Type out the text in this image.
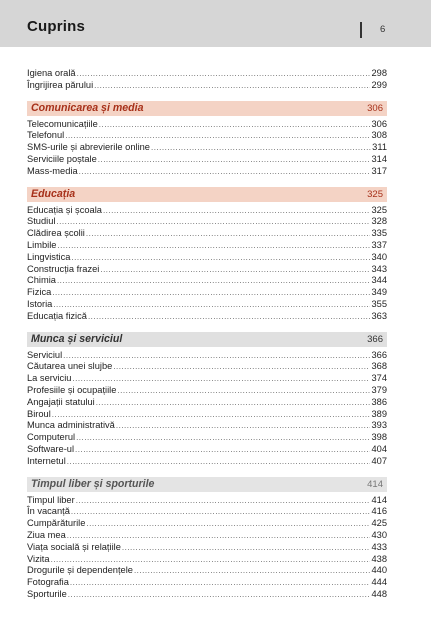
Cuprins	6
Igiena orală .....	298
Îngrijirea părului .....	299
Comunicarea și media	306
Telecomunicațiile .....	306
Telefonul .....	308
SMS-urile și abrevierile online .....	311
Serviciile poștale .....	314
Mass-media .....	317
Educația	325
Educația și școala .....	325
Studiul .....	328
Clădirea școlii .....	335
Limbile .....	337
Lingvistica .....	340
Construcția frazei .....	343
Chimia .....	344
Fizica .....	349
Istoria .....	355
Educația fizică .....	363
Munca și serviciul	366
Serviciul .....	366
Căutarea unei slujbe .....	368
La serviciu .....	374
Profesiile și ocupațiile .....	379
Angajații statului .....	386
Biroul .....	389
Munca administrativă .....	393
Computerul .....	398
Software-ul .....	404
Internetul .....	407
Timpul liber și sporturile	414
Timpul liber .....	414
În vacanță .....	416
Cumpărăturile .....	425
Ziua mea .....	430
Viața socială și relațiile .....	433
Vizita .....	438
Drogurile și dependențele .....	440
Fotografia .....	444
Sporturile .....	448
